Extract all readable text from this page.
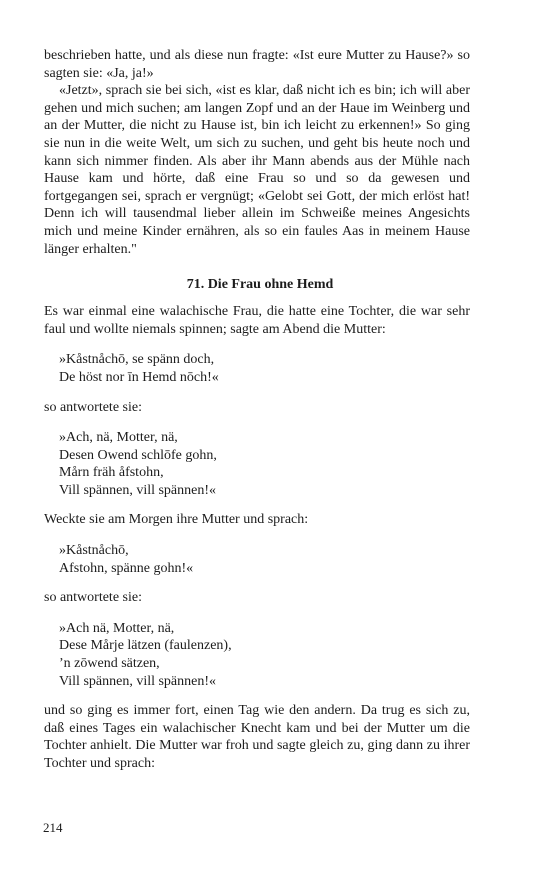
beschrieben hatte, und als diese nun fragte: «Ist eure Mutter zu Hause?» so sagten sie: «Ja, ja!»

«Jetzt», sprach sie bei sich, «ist es klar, daß nicht ich es bin; ich will aber gehen und mich suchen; am langen Zopf und an der Haue im Weinberg und an der Mutter, die nicht zu Hause ist, bin ich leicht zu erkennen!» So ging sie nun in die weite Welt, um sich zu suchen, und geht bis heute noch und kann sich nimmer finden. Als aber ihr Mann abends aus der Mühle nach Hause kam und hörte, daß eine Frau so und so da gewesen und fortgegangen sei, sprach er vergnügt; «Gelobt sei Gott, der mich erlöst hat! Denn ich will tausendmal lieber allein im Schweiße meines Angesichts mich und meine Kinder ernähren, als so ein faules Aas in meinem Hause länger erhalten."

71. Die Frau ohne Hemd

Es war einmal eine walachische Frau, die hatte eine Tochter, die war sehr faul und wollte niemals spinnen; sagte am Abend die Mutter:

»Kåstnåchō, se spänn doch,
De höst nor īn Hemd nōch!«

so antwortete sie:

»Ach, nä, Motter, nä,
Desen Owend schlōfe gohn,
Mårn fräh åfstohn,
Vill spännen, vill spännen!«

Weckte sie am Morgen ihre Mutter und sprach:

»Kåstnåchō,
Afstohn, spänne gohn!«

so antwortete sie:

»Ach nä, Motter, nä,
Dese Mårje lätzen (faulenzen),
’n zōwend sätzen,
Vill spännen, vill spännen!«

und so ging es immer fort, einen Tag wie den andern. Da trug es sich zu, daß eines Tages ein walachischer Knecht kam und bei der Mutter um die Tochter anhielt. Die Mutter war froh und sagte gleich zu, ging dann zu ihrer Tochter und sprach:

214
